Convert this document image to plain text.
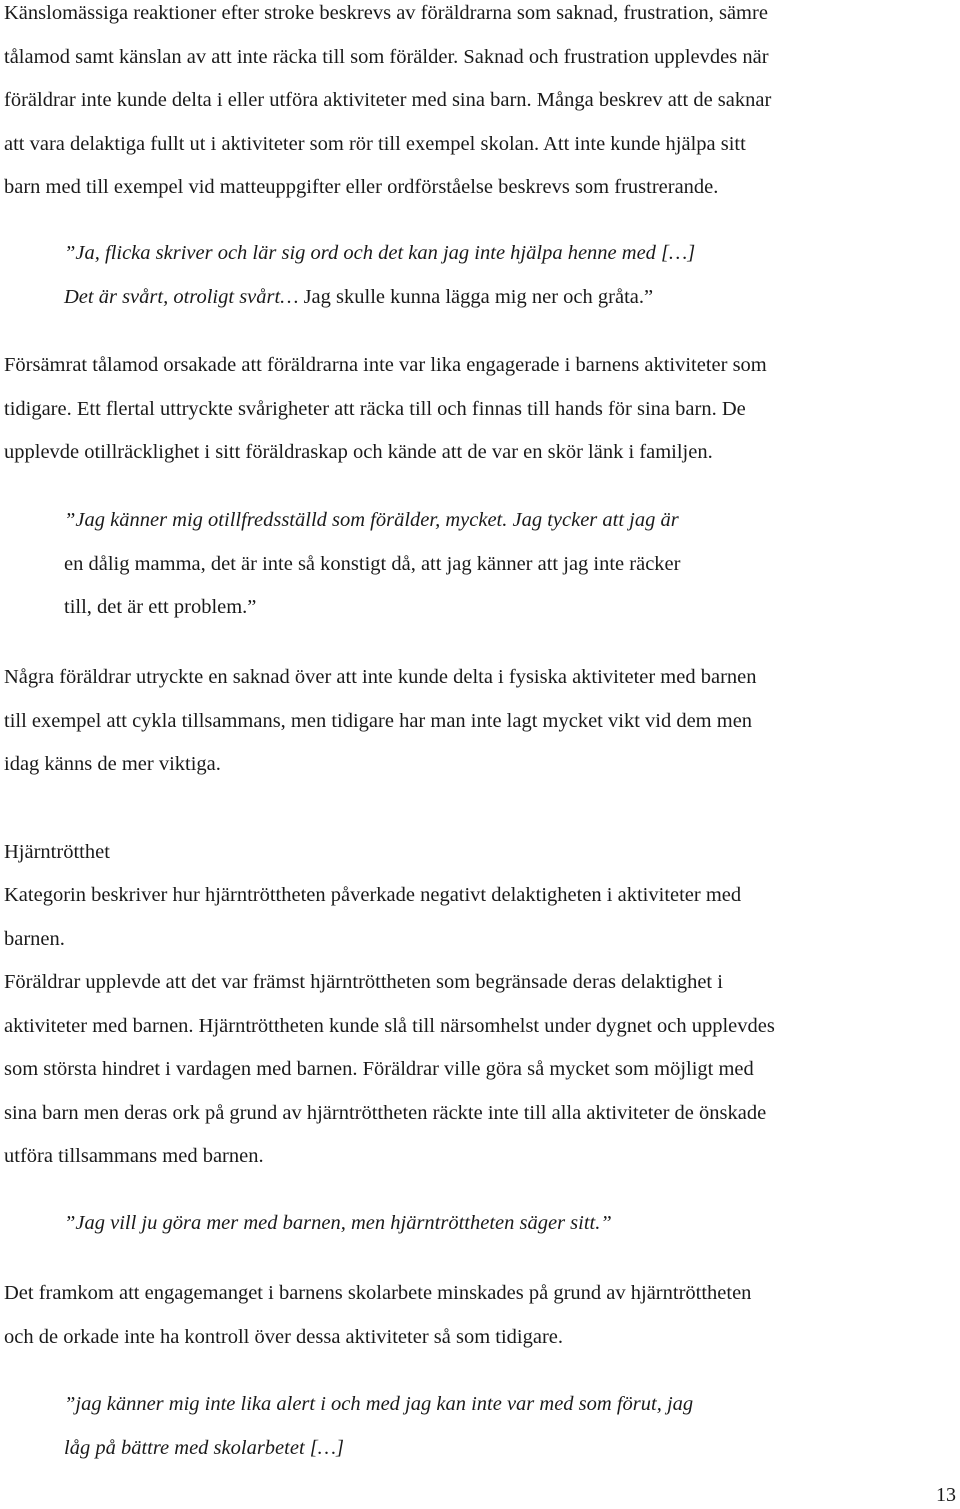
Känslomässiga reaktioner efter stroke beskrevs av föräldrarna som saknad, frustration, sämre
tålamod samt känslan av att inte räcka till som förälder. Saknad och frustration upplevdes när
föräldrar inte kunde delta i eller utföra aktiviteter med sina barn. Många beskrev att de saknar
att vara delaktiga fullt ut i aktiviteter som rör till exempel skolan. Att inte kunde hjälpa sitt
barn med till exempel vid matteuppgifter eller ordförståelse beskrevs som frustrerande.
”Ja, flicka skriver och lär sig ord och det kan jag inte hjälpa henne med […]
Det är svårt, otroligt svårt… Jag skulle kunna lägga mig ner och gråta.”
Försämrat tålamod orsakade att föräldrarna inte var lika engagerade i barnens aktiviteter som
tidigare. Ett flertal uttryckte svårigheter att räcka till och finnas till hands för sina barn. De
upplevde otillräcklighet i sitt föräldraskap och kände att de var en skör länk i familjen.
”Jag känner mig otillfredsställd som förälder, mycket. Jag tycker att jag är
en dålig mamma, det är inte så konstigt då, att jag känner att jag inte räcker
till, det är ett problem.”
Några föräldrar utryckte en saknad över att inte kunde delta i fysiska aktiviteter med barnen
till exempel att cykla tillsammans, men tidigare har man inte lagt mycket vikt vid dem men
idag känns de mer viktiga.
Hjärntrötthet
Kategorin beskriver hur hjärntröttheten påverkade negativt delaktigheten i aktiviteter med
barnen.
Föräldrar upplevde att det var främst hjärntröttheten som begränsade deras delaktighet i
aktiviteter med barnen. Hjärntröttheten kunde slå till närsomhelst under dygnet och upplevdes
som största hindret i vardagen med barnen. Föräldrar ville göra så mycket som möjligt med
sina barn men deras ork på grund av hjärntröttheten räckte inte till alla aktiviteter de önskade
utföra tillsammans med barnen.
”Jag vill ju göra mer med barnen, men hjärntröttheten säger sitt.”
Det framkom att engagemanget i barnens skolarbete minskades på grund av hjärntröttheten
och de orkade inte ha kontroll över dessa aktiviteter så som tidigare.
”jag känner mig inte lika alert i och med jag kan inte var med som förut, jag
låg på bättre med skolarbetet […]
13
